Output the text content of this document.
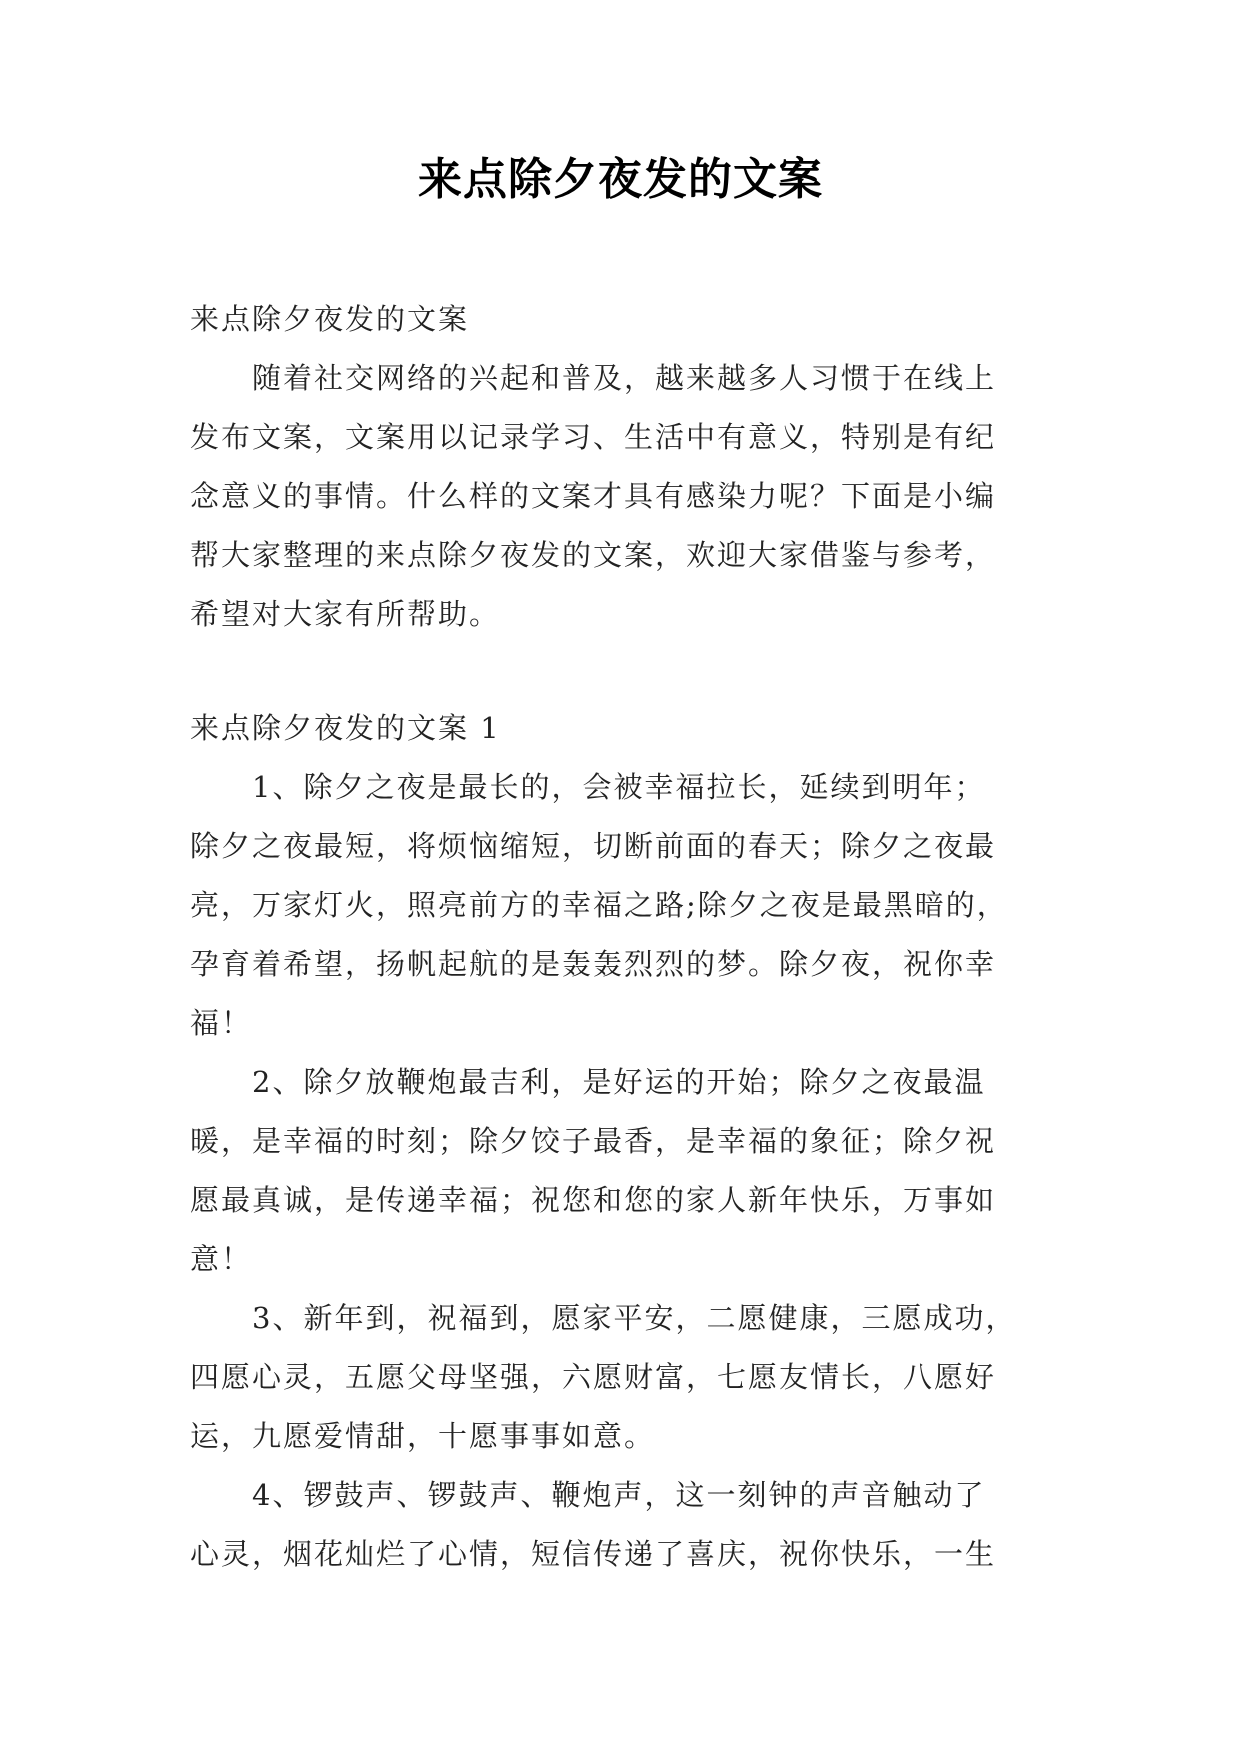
来点除夕夜发的文案
来点除夕夜发的文案
　　随着社交网络的兴起和普及，越来越多人习惯于在线上
发布文案，文案用以记录学习、生活中有意义，特别是有纪
念意义的事情。什么样的文案才具有感染力呢？下面是小编
帮大家整理的来点除夕夜发的文案，欢迎大家借鉴与参考，
希望对大家有所帮助。
来点除夕夜发的文案 1
　　1、除夕之夜是最长的，会被幸福拉长，延续到明年；
除夕之夜最短，将烦恼缩短，切断前面的春天；除夕之夜最
亮，万家灯火，照亮前方的幸福之路;除夕之夜是最黑暗的，
孕育着希望，扬帆起航的是轰轰烈烈的梦。除夕夜，祝你幸
福！
　　2、除夕放鞭炮最吉利，是好运的开始；除夕之夜最温
暖，是幸福的时刻；除夕饺子最香，是幸福的象征；除夕祝
愿最真诚，是传递幸福；祝您和您的家人新年快乐，万事如
意！
　　3、新年到，祝福到，愿家平安，二愿健康，三愿成功，
四愿心灵，五愿父母坚强，六愿财富，七愿友情长，八愿好
运，九愿爱情甜，十愿事事如意。
　　4、锣鼓声、锣鼓声、鞭炮声，这一刻钟的声音触动了
心灵，烟花灿烂了心情，短信传递了喜庆，祝你快乐，一生
